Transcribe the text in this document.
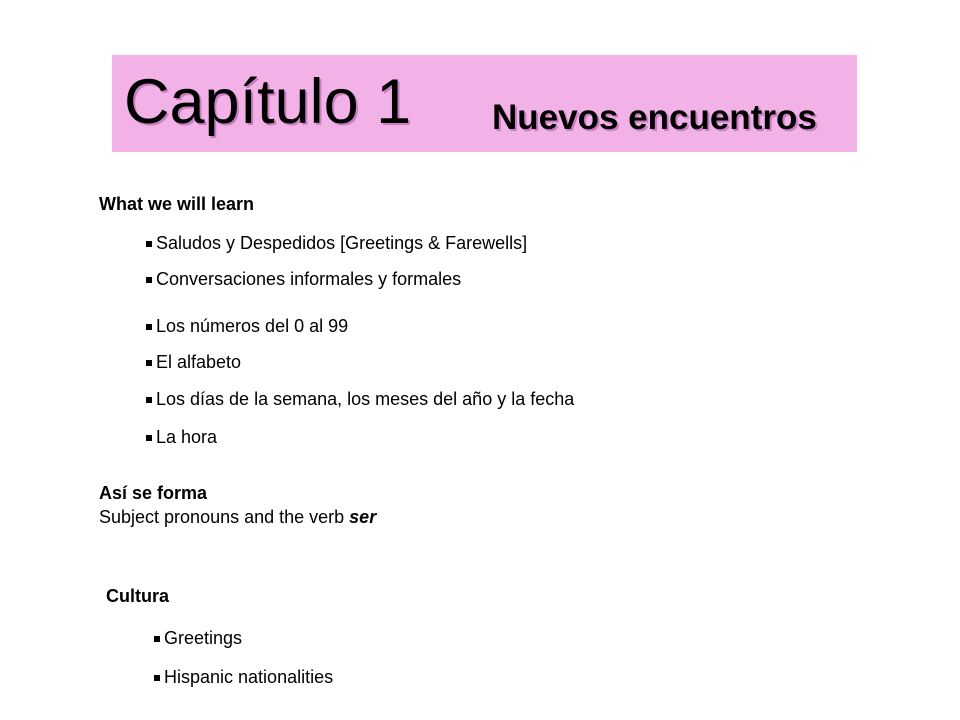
Capítulo 1 Nuevos encuentros
What we will learn
Saludos y Despedidos [Greetings & Farewells]
Conversaciones informales y formales
Los números del 0 al 99
El alfabeto
Los días de la semana, los meses del año y la fecha
La hora
Así se forma
Subject pronouns and the verb ser
Cultura
Greetings
Hispanic nationalities
